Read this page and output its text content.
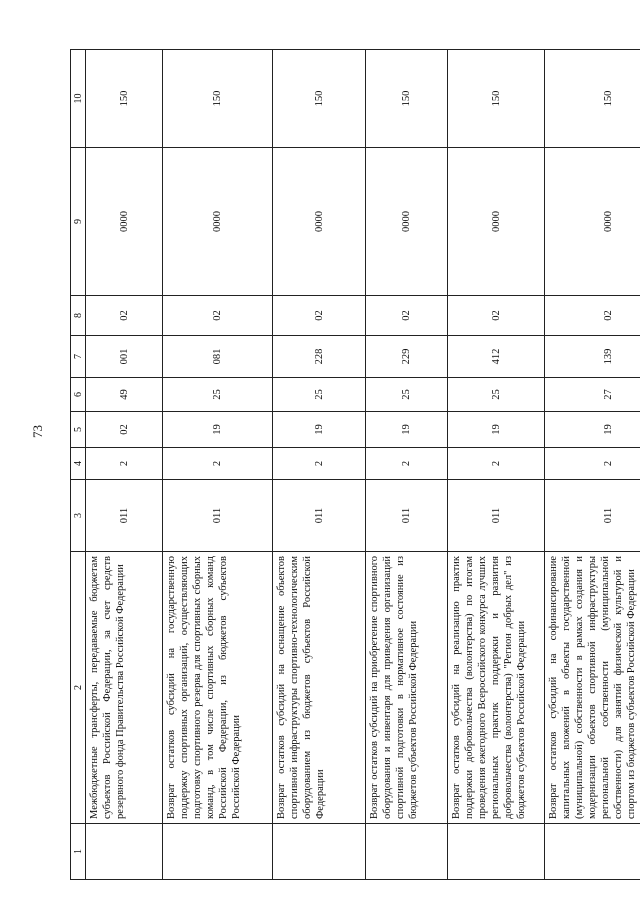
73
1	2	3	4	5	6	7	8	9	10
	Межбюджетные трансферты, передаваемые бюджетам субъектов Российской Федерации, за счет средств резервного фонда Правительства Российской Федерации	011	2	02	49	001	02	0000	150
	Возврат остатков субсидий на государственную поддержку спортивных организаций, осуществляющих подготовку спортивного резерва для спортивных сборных команд, в том числе спортивных сборных команд Российской Федерации, из бюджетов субъектов Российской Федерации	011	2	19	25	081	02	0000	150
	Возврат остатков субсидий на оснащение объектов спортивной инфраструктуры спортивно-технологическим оборудованием из бюджетов субъектов Российской Федерации	011	2	19	25	228	02	0000	150
	Возврат остатков субсидий на приобретение спортивного оборудования и инвентаря для приведения организаций спортивной подготовки в нормативное состояние из бюджетов субъектов Российской Федерации	011	2	19	25	229	02	0000	150
	Возврат остатков субсидий на реализацию практик поддержки добровольчества (волонтерства) по итогам проведения ежегодного Всероссийского конкурса лучших региональных практик поддержки и развития добровольчества (волонтерства) "Регион добрых дел" из бюджетов субъектов Российской Федерации	011	2	19	25	412	02	0000	150
	Возврат остатков субсидий на софинансирование капитальных вложений в объекты государственной (муниципальной) собственности в рамках создания и модернизации объектов спортивной инфраструктуры региональной собственности (муниципальной собственности) для занятий физической культурой и спортом из бюджетов субъектов Российской Федерации	011	2	19	27	139	02	0000	150
